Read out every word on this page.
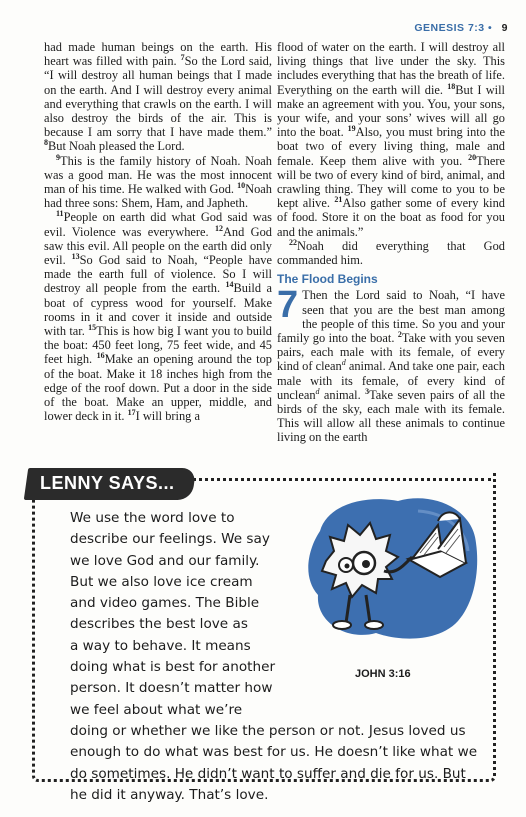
GENESIS 7:3 • 9

had made human beings on the earth. His heart was filled with pain. $^7$So the Lord said, “I will destroy all human beings that I made on the earth. And I will destroy every animal and everything that crawls on the earth. I will also destroy the birds of the air. This is because I am sorry that I have made them.” $^8$But Noah pleased the Lord.

$^9$This is the family history of Noah. Noah was a good man. He was the most innocent man of his time. He walked with God. $^{10}$Noah had three sons: Shem, Ham, and Japheth.

$^{11}$People on earth did what God said was evil. Violence was everywhere. $^{12}$And God saw this evil. All people on the earth did only evil. $^{13}$So God said to Noah, “People have made the earth full of violence. So I will destroy all people from the earth. $^{14}$Build a boat of cypress wood for yourself. Make rooms in it and cover it inside and outside with tar. $^{15}$This is how big I want you to build the boat: 450 feet long, 75 feet wide, and 45 feet high. $^{16}$Make an opening around the top of the boat. Make it 18 inches high from the edge of the roof down. Put a door in the side of the boat. Make an upper, middle, and lower deck in it. $^{17}$I will bring a

flood of water on the earth. I will destroy all living things that live under the sky. This includes everything that has the breath of life. Everything on the earth will die. $^{18}$But I will make an agreement with you. You, your sons, your wife, and your sons’ wives will all go into the boat. $^{19}$Also, you must bring into the boat two of every living thing, male and female. Keep them alive with you. $^{20}$There will be two of every kind of bird, animal, and crawling thing. They will come to you to be kept alive. $^{21}$Also gather some of every kind of food. Store it on the boat as food for you and the animals.”

$^{22}$Noah did everything that God commanded him.

The Flood Begins

7 Then the Lord said to Noah, “I have seen that you are the best man among the people of this time. So you and your family go into the boat. $^2$Take with you seven pairs, each male with its female, of every kind of clean$^d$ animal. And take one pair, each male with its female, of every kind of unclean$^d$ animal. $^3$Take seven pairs of all the birds of the sky, each male with its female. This will allow all these animals to continue living on the earth

LENNY SAYS...
JOHN 3:16
We use the word love to
describe our feelings. We say
we love God and our family.
But we also love ice cream
and video games. The Bible
describes the best love as
a way to behave. It means
doing what is best for another
person. It doesn’t matter how
we feel about what we’re
doing or whether we like the person or not. Jesus loved us
enough to do what was best for us. He doesn’t like what we
do sometimes. He didn’t want to suffer and die for us. But
he did it anyway. That’s love.
